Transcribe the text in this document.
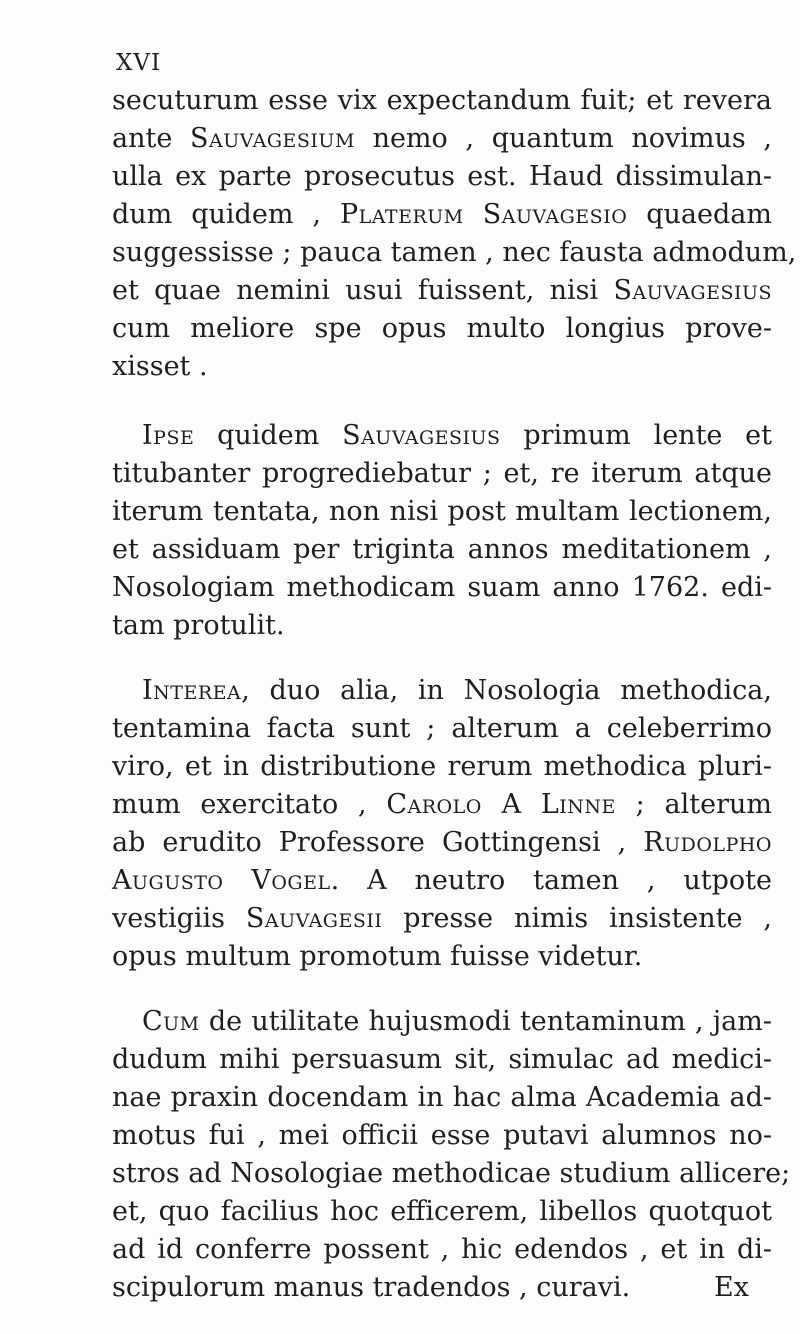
XVI

secuturum esse vix expectandum fuit; et revera
ante Sauvagesium nemo , quantum novimus ,
ulla ex parte prosecutus est. Haud dissimulan-
dum quidem , Platerum Sauvagesio quaedam
suggessisse ; pauca tamen , nec fausta admodum,
et quae nemini usui fuissent, nisi Sauvagesius
cum meliore spe opus multo longius prove-
xisset .

Ipse quidem Sauvagesius primum lente et
titubanter progrediebatur ; et, re iterum atque
iterum tentata, non nisi post multam lectionem,
et assiduam per triginta annos meditationem ,
Nosologiam methodicam suam anno 1762. edi-
tam protulit.

Interea, duo alia, in Nosologia methodica,
tentamina facta sunt ; alterum a celeberrimo
viro, et in distributione rerum methodica pluri-
mum exercitato , Carolo A Linne ; alterum
ab erudito Professore Gottingensi , Rudolpho
Augusto Vogel. A neutro tamen , utpote
vestigiis Sauvagesii presse nimis insistente ,
opus multum promotum fuisse videtur.

Cum de utilitate hujusmodi tentaminum , jam-
dudum mihi persuasum sit, simulac ad medici-
nae praxin docendam in hac alma Academia ad-
motus fui , mei officii esse putavi alumnos no-
stros ad Nosologiae methodicae studium allicere;
et, quo facilius hoc efficerem, libellos quotquot
ad id conferre possent , hic edendos , et in di-
scipulorum manus tradendos , curavi.	Ex
